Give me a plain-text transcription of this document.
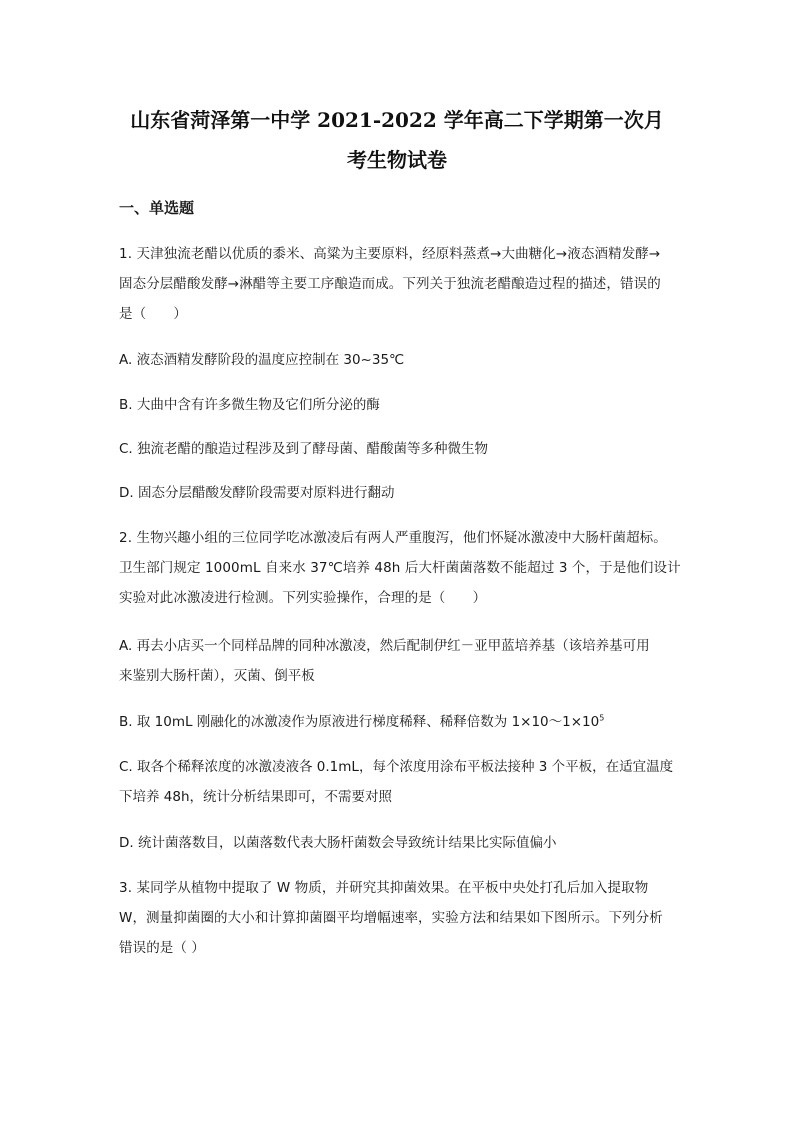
山东省菏泽第一中学 2021-2022 学年高二下学期第一次月
考生物试卷
一、单选题
1. 天津独流老醋以优质的黍米、高粱为主要原料，经原料蒸煮→大曲糖化→液态酒精发酵→
固态分层醋酸发酵→淋醋等主要工序酿造而成。下列关于独流老醋酿造过程的描述，错误的
是（　　）
A. 液态酒精发酵阶段的温度应控制在 30~35℃
B. 大曲中含有许多微生物及它们所分泌的酶
C. 独流老醋的酿造过程涉及到了酵母菌、醋酸菌等多种微生物
D. 固态分层醋酸发酵阶段需要对原料进行翻动
2. 生物兴趣小组的三位同学吃冰激凌后有两人严重腹泻，他们怀疑冰激凌中大肠杆菌超标。
卫生部门规定 1000mL 自来水 37℃培养 48h 后大杆菌菌落数不能超过 3 个，于是他们设计
实验对此冰激凌进行检测。下列实验操作，合理的是（　　）
A. 再去小店买一个同样品牌的同种冰激凌，然后配制伊红－亚甲蓝培养基（该培养基可用
来鉴别大肠杆菌），灭菌、倒平板
B. 取 10mL 刚融化的冰激凌作为原液进行梯度稀释、稀释倍数为 $1\times 10\sim 1\times 10^5$
C. 取各个稀释浓度的冰激凌液各 0.1mL，每个浓度用涂布平板法接种 3 个平板，在适宜温度
下培养 48h，统计分析结果即可，不需要对照
D. 统计菌落数目，以菌落数代表大肠杆菌数会导致统计结果比实际值偏小
3. 某同学从植物中提取了 W 物质，并研究其抑菌效果。在平板中央处打孔后加入提取物
W，测量抑菌圈的大小和计算抑菌圈平均增幅速率，实验方法和结果如下图所示。下列分析
错误的是（ ）
